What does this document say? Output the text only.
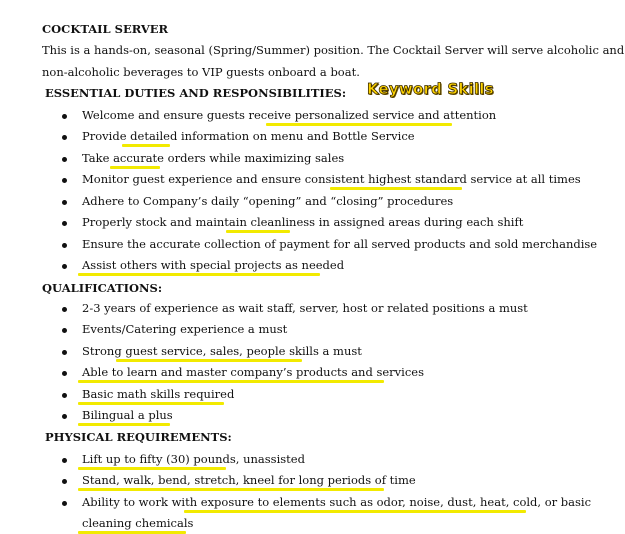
COCKTAIL SERVER
This is a hands-on, seasonal (Spring/Summer) position. The Cocktail Server will serve alcoholic and
non-alcoholic beverages to VIP guests onboard a boat.
Keyword Skills
ESSENTIAL DUTIES AND RESPONSIBILITIES:
Welcome and ensure guests receive personalized service and attention
Provide detailed information on menu and Bottle Service
Take accurate orders while maximizing sales
Monitor guest experience and ensure consistent highest standard service at all times
Adhere to Company’s daily “opening” and “closing” procedures
Properly stock and maintain cleanliness in assigned areas during each shift
Ensure the accurate collection of payment for all served products and sold merchandise
Assist others with special projects as needed
QUALIFICATIONS:
2-3 years of experience as wait staff, server, host or related positions a must
Events/Catering experience a must
Strong guest service, sales, people skills a must
Able to learn and master company’s products and services
Basic math skills required
Bilingual a plus
PHYSICAL REQUIREMENTS:
Lift up to fifty (30) pounds, unassisted
Stand, walk, bend, stretch, kneel for long periods of time
Ability to work with exposure to elements such as odor, noise, dust, heat, cold, or basic
cleaning chemicals
